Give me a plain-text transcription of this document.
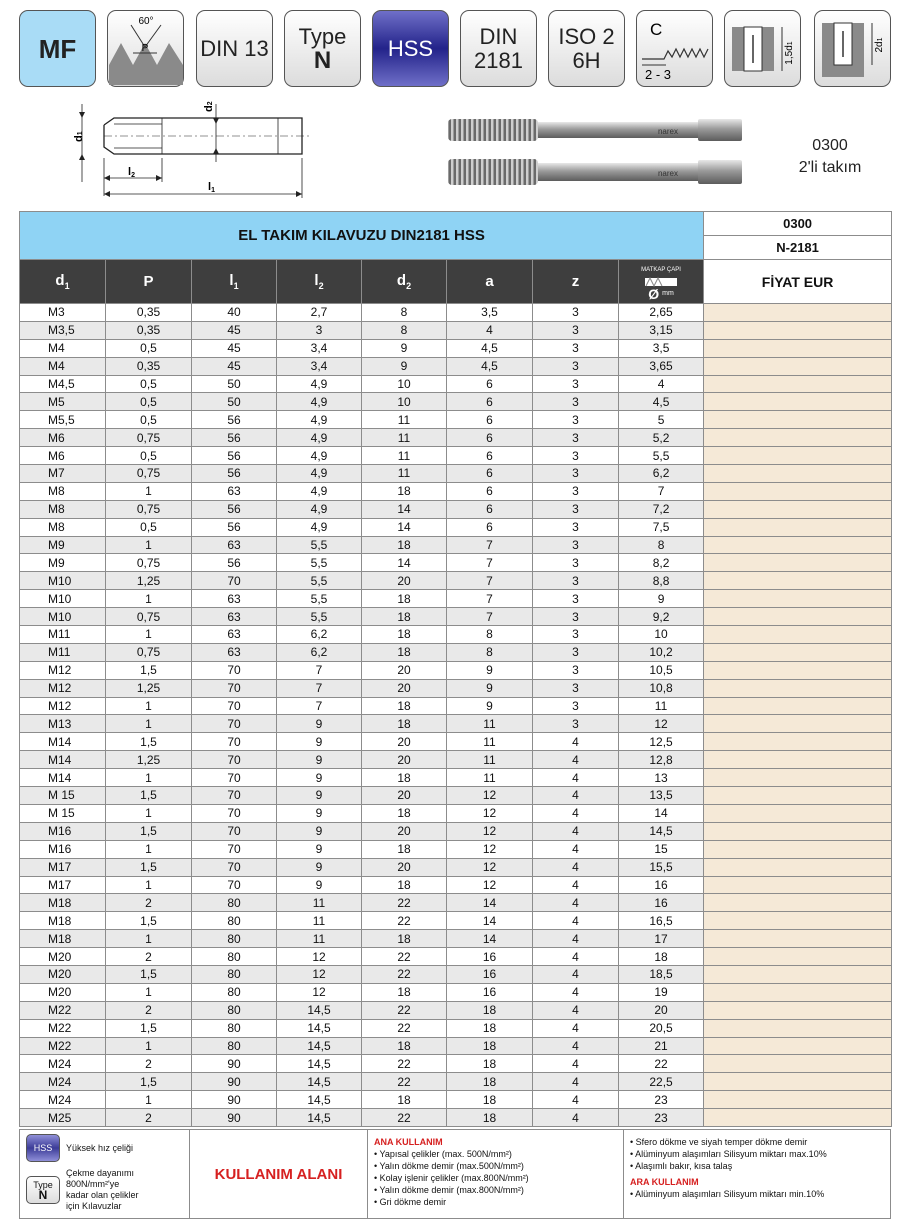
MF
60°
P DIN 13 Type
N	HSS DIN
2181
ISO 2
6H
C
2 - 3
1,5d1	2d1
d1
d2
l2
l1
narex
narex
0300
2'li takım
EL TAKIM KILAVUZU DIN2181 HSS								0300
								N-2181
$d_1$	P	$l_1$	$l_2$	$d_2$	a	z	MATKAP ÇAPI
Ø mm	FİYAT EUR
M3	0,35	40	2,7	8	3,5	3	2,65	
M3,5	0,35	45	3	8	4	3	3,15	
M4	0,5	45	3,4	9	4,5	3	3,5	
M4	0,35	45	3,4	9	4,5	3	3,65	
M4,5	0,5	50	4,9	10	6	3	4	
M5	0,5	50	4,9	10	6	3	4,5	
M5,5	0,5	56	4,9	11	6	3	5	
M6	0,75	56	4,9	11	6	3	5,2	
M6	0,5	56	4,9	11	6	3	5,5	
M7	0,75	56	4,9	11	6	3	6,2	
M8	1	63	4,9	18	6	3	7	
M8	0,75	56	4,9	14	6	3	7,2	
M8	0,5	56	4,9	14	6	3	7,5	
M9	1	63	5,5	18	7	3	8	
M9	0,75	56	5,5	14	7	3	8,2	
M10	1,25	70	5,5	20	7	3	8,8	
M10	1	63	5,5	18	7	3	9	
M10	0,75	63	5,5	18	7	3	9,2	
M11	1	63	6,2	18	8	3	10	
M11	0,75	63	6,2	18	8	3	10,2	
M12	1,5	70	7	20	9	3	10,5	
M12	1,25	70	7	20	9	3	10,8	
M12	1	70	7	18	9	3	11	
M13	1	70	9	18	11	3	12	
M14	1,5	70	9	20	11	4	12,5	
M14	1,25	70	9	20	11	4	12,8	
M14	1	70	9	18	11	4	13	
M 15	1,5	70	9	20	12	4	13,5	
M 15	1	70	9	18	12	4	14	
M16	1,5	70	9	20	12	4	14,5	
M16	1	70	9	18	12	4	15	
M17	1,5	70	9	20	12	4	15,5	
M17	1	70	9	18	12	4	16	
M18	2	80	11	22	14	4	16	
M18	1,5	80	11	22	14	4	16,5	
M18	1	80	11	18	14	4	17	
M20	2	80	12	22	16	4	18	
M20	1,5	80	12	22	16	4	18,5	
M20	1	80	12	18	16	4	19	
M22	2	80	14,5	22	18	4	20	
M22	1,5	80	14,5	22	18	4	20,5	
M22	1	80	14,5	18	18	4	21	
M24	2	90	14,5	22	18	4	22	
M24	1,5	90	14,5	22	18	4	22,5	
M24	1	90	14,5	18	18	4	23	
M25	2	90	14,5	22	18	4	23	
HSS Yüksek hız çeliği
Type
N
Çekme dayanımı
800N/mm²'ye
kadar olan çelikler
için Kılavuzlar
KULLANIM ALANI
ANA KULLANIM
• Yapısal çelikler (max. 500N/mm²)
• Yalın dökme demir (max.500N/mm²)
• Kolay işlenir çelikler (max.800N/mm²)
• Yalın dökme demir (max.800N/mm²)
• Gri dökme demir
• Sfero dökme ve siyah temper dökme demir
• Alüminyum alaşımları Silisyum miktarı max.10%
• Alaşımlı bakır, kısa talaş
ARA KULLANIM
• Alüminyum alaşımları Silisyum miktarı min.10%
